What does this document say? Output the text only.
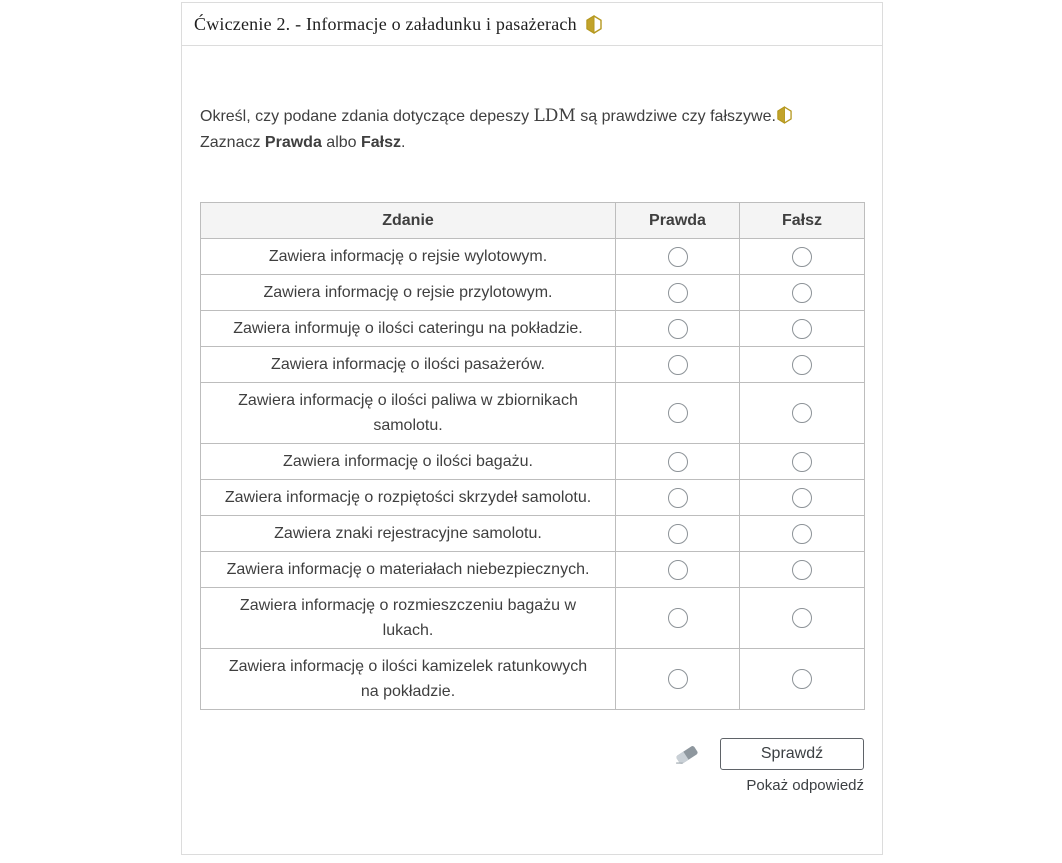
Ćwiczenie 2. - Informacje o załadunku i pasażerach

Określ, czy podane zdania dotyczące depeszy LDM są prawdziwe czy fałszywe.

Zaznacz Prawda albo Fałsz.

Zdanie	Prawda	Fałsz

Zawiera informację o rejsie wylotowym.

Zawiera informację o rejsie przylotowym.

Zawiera informuję o ilości cateringu na pokładzie.

Zawiera informację o ilości pasażerów.

Zawiera informację o ilości paliwa w zbiornikach samolotu.

Zawiera informację o ilości bagażu.

Zawiera informację o rozpiętości skrzydeł samolotu.

Zawiera znaki rejestracyjne samolotu.

Zawiera informację o materiałach niebezpiecznych.

Zawiera informację o rozmieszczeniu bagażu w lukach.

Zawiera informację o ilości kamizelek ratunkowych na pokładzie.

Sprawdź
Pokaż odpowiedź
